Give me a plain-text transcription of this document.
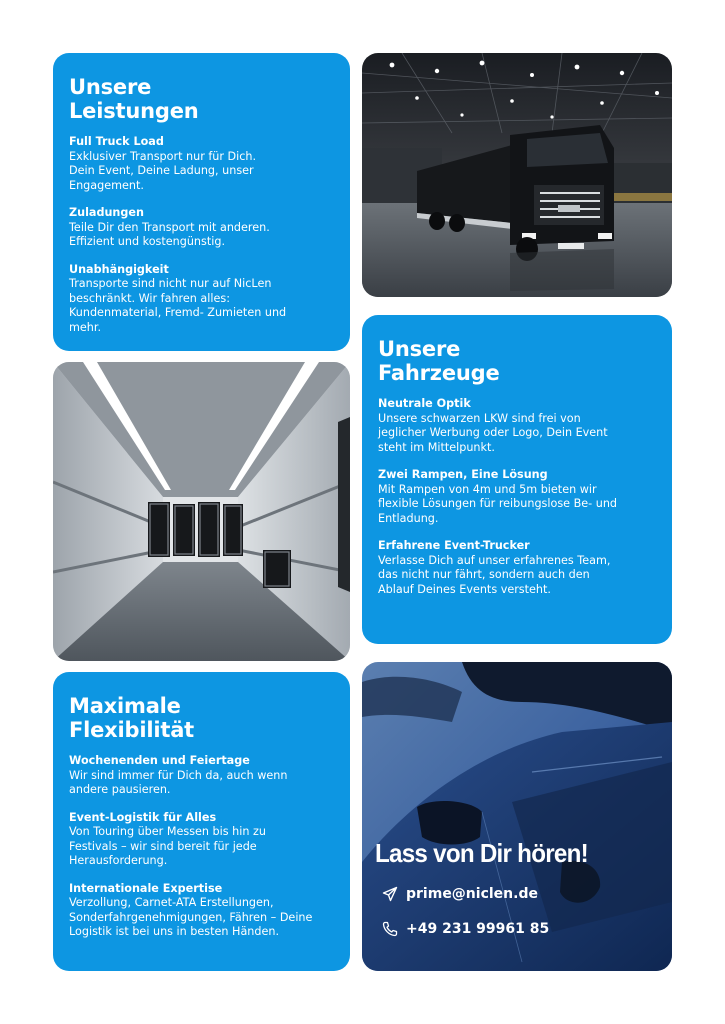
Unsere
Leistungen
Full Truck Load
Exklusiver Transport nur für Dich. Dein Event, Deine Ladung, unser Engagement.
Zuladungen
Teile Dir den Transport mit anderen. Effizient und kostengünstig.
Unabhängigkeit
Transporte sind nicht nur auf NicLen beschränkt. Wir fahren alles: Kundenmaterial, Fremd- Zumieten und mehr.
Unsere
Fahrzeuge
Neutrale Optik
Unsere schwarzen LKW sind frei von jeglicher Werbung oder Logo, Dein Event steht im Mittelpunkt.
Zwei Rampen, Eine Lösung
Mit Rampen von 4m und 5m bieten wir flexible Lösungen für reibungslose Be- und Entladung.
Erfahrene Event-Trucker
Verlasse Dich auf unser erfahrenes Team, das nicht nur fährt, sondern auch den Ablauf Deines Events versteht.
Maximale
Flexibilität
Wochenenden und Feiertage
Wir sind immer für Dich da, auch wenn andere pausieren.
Event-Logistik für Alles
Von Touring über Messen bis hin zu Festivals – wir sind bereit für jede Herausforderung.
Internationale Expertise
Verzollung, Carnet-ATA Erstellungen, Sonderfahrgenehmigungen, Fähren – Deine Logistik ist bei uns in besten Händen.
Lass von Dir hören!
prime@niclen.de
+49 231 99961 85
